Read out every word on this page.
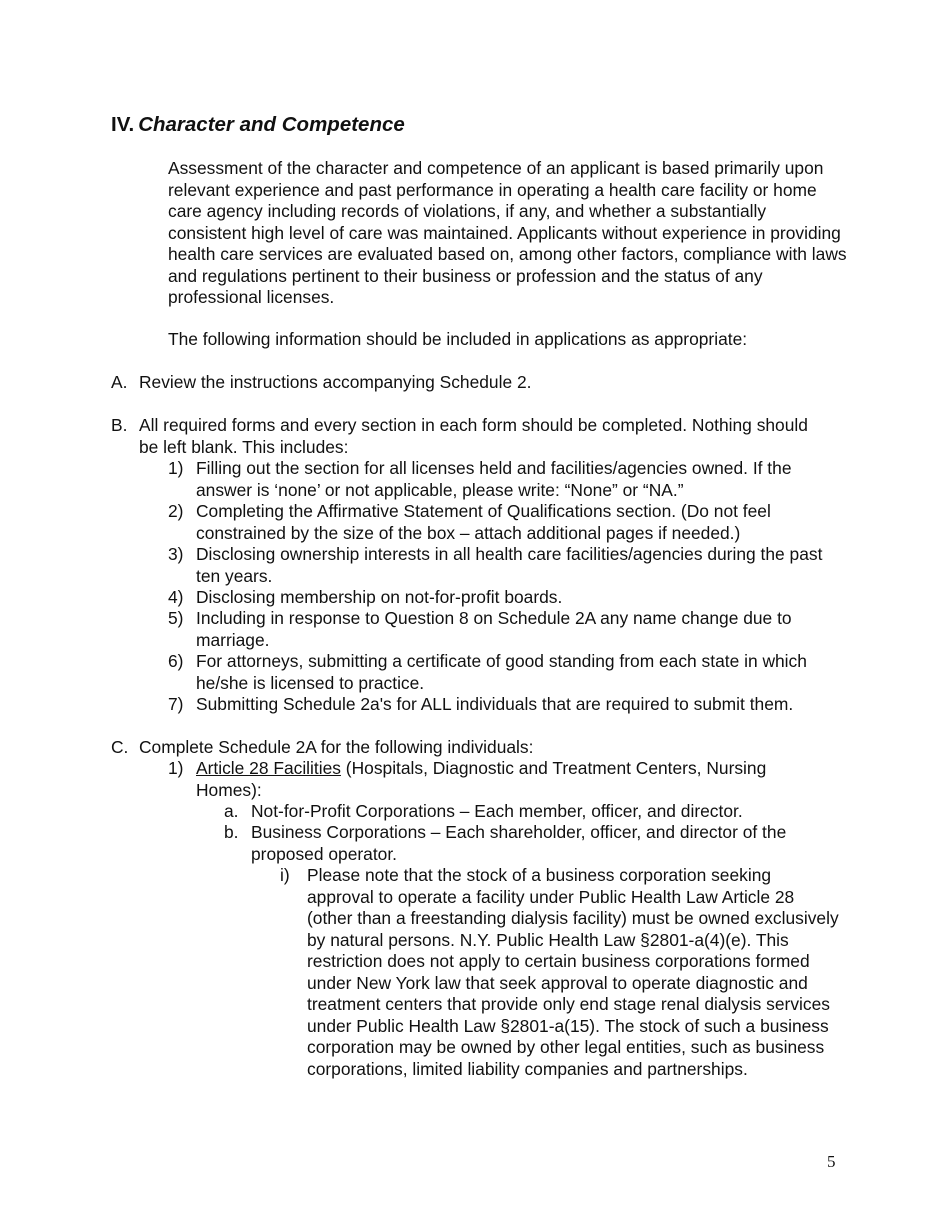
IV. Character and Competence
Assessment of the character and competence of an applicant is based primarily upon relevant experience and past performance in operating a health care facility or home care agency including records of violations, if any, and whether a substantially consistent high level of care was maintained. Applicants without experience in providing health care services are evaluated based on, among other factors, compliance with laws and regulations pertinent to their business or profession and the status of any professional licenses.
The following information should be included in applications as appropriate:
A. Review the instructions accompanying Schedule 2.
B. All required forms and every section in each form should be completed. Nothing should be left blank. This includes:
1) Filling out the section for all licenses held and facilities/agencies owned. If the answer is ‘none’ or not applicable, please write: “None” or “NA.”
2) Completing the Affirmative Statement of Qualifications section. (Do not feel constrained by the size of the box – attach additional pages if needed.)
3) Disclosing ownership interests in all health care facilities/agencies during the past ten years.
4) Disclosing membership on not-for-profit boards.
5) Including in response to Question 8 on Schedule 2A any name change due to marriage.
6) For attorneys, submitting a certificate of good standing from each state in which he/she is licensed to practice.
7) Submitting Schedule 2a's for ALL individuals that are required to submit them.
C. Complete Schedule 2A for the following individuals:
1) Article 28 Facilities (Hospitals, Diagnostic and Treatment Centers, Nursing Homes):
a. Not-for-Profit Corporations – Each member, officer, and director.
b. Business Corporations – Each shareholder, officer, and director of the proposed operator.
i) Please note that the stock of a business corporation seeking approval to operate a facility under Public Health Law Article 28 (other than a freestanding dialysis facility) must be owned exclusively by natural persons. N.Y. Public Health Law §2801-a(4)(e). This restriction does not apply to certain business corporations formed under New York law that seek approval to operate diagnostic and treatment centers that provide only end stage renal dialysis services under Public Health Law §2801-a(15). The stock of such a business corporation may be owned by other legal entities, such as business corporations, limited liability companies and partnerships.
5
